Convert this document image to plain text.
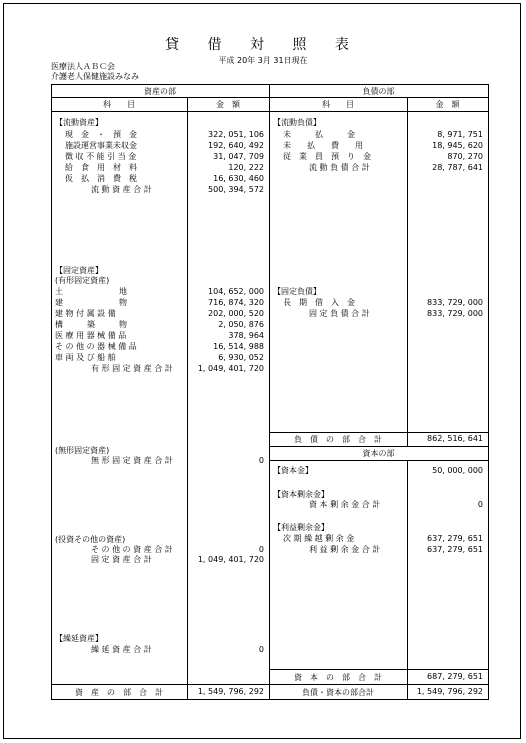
貸 借 対 照 表
平成 20年 3月 31日現在
医療法人ＡＢＣ会
介護老人保健施設みなみ
資産の部	負債の部
科　　目	金　額	科　　目	金　額
【流動資産】
現　金　・　預　金	322, 051, 106
施設運営事業未収金	192, 640, 492
徴 収 不 能 引 当 金	31, 047, 709
給　食　用　材　料	120, 222
仮　払　消　費　税	16, 630, 460
流 動 資 産 合 計	500, 394, 572
【固定資産】
(有形固定資産)
土　　　　　　　地	104, 652, 000
建　　　　　　　物	716, 874, 320
建 物 付 属 設 備	202, 000, 520
構　　　築　　　物	2, 050, 876
医 療 用 器 械 備 品	378, 964
そ の 他 の 器 械 備 品	16, 514, 988
車 両 及 び 船 舶	6, 930, 052
有 形 固 定 資 産 合 計	1, 049, 401, 720
(無形固定資産)
無 形 固 定 資 産 合 計	0
(投資その他の資産)
そ の 他 の 資 産 合 計	0
固 定 資 産 合 計	1, 049, 401, 720
【繰延資産】
繰 延 資 産 合 計	0
資　産　の　部　合　計	1, 549, 796, 292
【流動負債】
未　　　払　　　金	8, 971, 751
未　　払　　費　　用	18, 945, 620
従　業　員　預　り　金	870, 270
流 動 負 債 合 計	28, 787, 641
【固定負債】
長　期　借　入　金	833, 729, 000
固 定 負 債 合 計	833, 729, 000
負　債　の　部　合　計	862, 516, 641
資本の部
【資本金】	50, 000, 000
【資本剰余金】
資 本 剰 余 金 合 計	0
【利益剰余金】
次 期 繰 越 剰 余 金	637, 279, 651
利 益 剰 余 金 合 計	637, 279, 651
資　本　の　部　合　計	687, 279, 651
負債・資本の部合計	1, 549, 796, 292
